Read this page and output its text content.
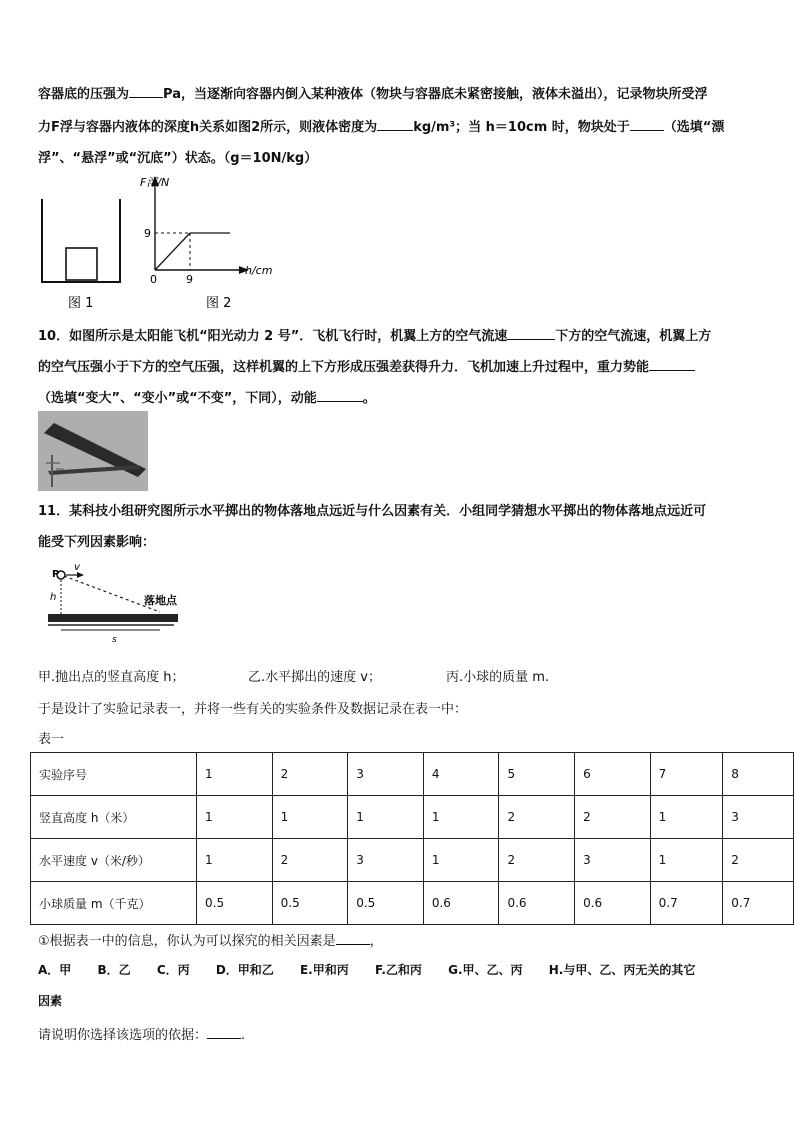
容器底的压强为	Pa，当逐渐向容器内倒入某种液体（物块与容器底未紧密接触，液体未溢出），记录物块所受浮
力F浮与容器内液体的深度h关系如图2所示，则液体密度为	kg/m³；当 h＝10cm 时，物块处于	（选填“漂
浮”、“悬浮”或“沉底”）状态。（g＝10N/kg）
图 1
F浮/N
h/cm
0
9
9
图 2
10．如图所示是太阳能飞机“阳光动力 2 号”．飞机飞行时，机翼上方的空气流速	下方的空气流速，机翼上方
的空气压强小于下方的空气压强，这样机翼的上下方形成压强差获得升力．飞机加速上升过程中，重力势能
（选填“变大”、“变小”或“不变”，下同），动能	。
11．某科技小组研究图所示水平掷出的物体落地点远近与什么因素有关．小组同学猜想水平掷出的物体落地点远近可
能受下列因素影响：
P
v
h	落地点
s
甲.抛出点的竖直高度 h；	乙.水平掷出的速度 v；	丙.小球的质量 m.
于是设计了实验记录表一，并将一些有关的实验条件及数据记录在表一中：
表一
实验序号	1	2	3	4	5	6	7	8
竖直高度 h（米）	1	1	1	1	2	2	1	3
水平速度 v（米/秒）	1	2	3	1	2	3	1	2
小球质量 m（千克）	0.5	0.5	0.5	0.6	0.6	0.6	0.7	0.7
①根据表一中的信息，你认为可以探究的相关因素是	，
A．甲 B．乙 C．丙 D．甲和乙 E.甲和丙 F.乙和丙 G.甲、乙、丙 H.与甲、乙、丙无关的其它
因素
请说明你选择该选项的依据：	.
